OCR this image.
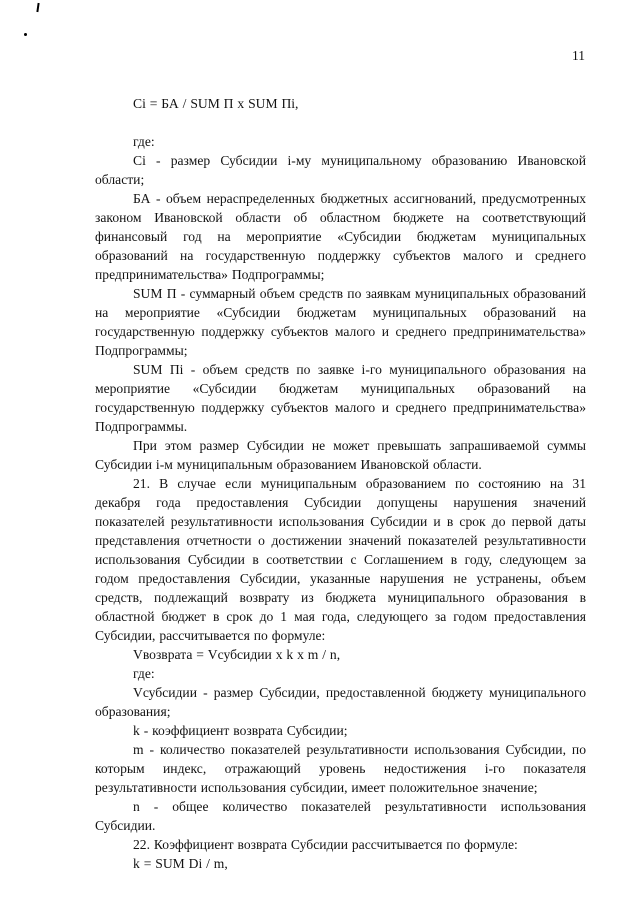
11

Ci = БА / SUM П x SUM Пi,

где:

Ci - размер Субсидии i-му муниципальному образованию Ивановской области;

БА - объем нераспределенных бюджетных ассигнований, предусмотренных законом Ивановской области об областном бюджете на соответствующий финансовый год на мероприятие «Субсидии бюджетам муниципальных образований на государственную поддержку субъектов малого и среднего предпринимательства» Подпрограммы;

SUM П - суммарный объем средств по заявкам муниципальных образований на мероприятие «Субсидии бюджетам муниципальных образований на государственную поддержку субъектов малого и среднего предпринимательства» Подпрограммы;

SUM Пi - объем средств по заявке i-го муниципального образования на мероприятие «Субсидии бюджетам муниципальных образований на государственную поддержку субъектов малого и среднего предпринимательства» Подпрограммы.

При этом размер Субсидии не может превышать запрашиваемой суммы Субсидии i-м муниципальным образованием Ивановской области.

21. В случае если муниципальным образованием по состоянию на 31 декабря года предоставления Субсидии допущены нарушения значений показателей результативности использования Субсидии и в срок до первой даты представления отчетности о достижении значений показателей результативности использования Субсидии в соответствии с Соглашением в году, следующем за годом предоставления Субсидии, указанные нарушения не устранены, объем средств, подлежащий возврату из бюджета муниципального образования в областной бюджет в срок до 1 мая года, следующего за годом предоставления Субсидии, рассчитывается по формуле:

Vвозврата = Vсубсидии x k x m / n,

где:

Vсубсидии - размер Субсидии, предоставленной бюджету муниципального образования;

k - коэффициент возврата Субсидии;

m - количество показателей результативности использования Субсидии, по которым индекс, отражающий уровень недостижения i-го показателя результативности использования субсидии, имеет положительное значение;

n - общее количество показателей результативности использования Субсидии.

22. Коэффициент возврата Субсидии рассчитывается по формуле:

k = SUM Di / m,
